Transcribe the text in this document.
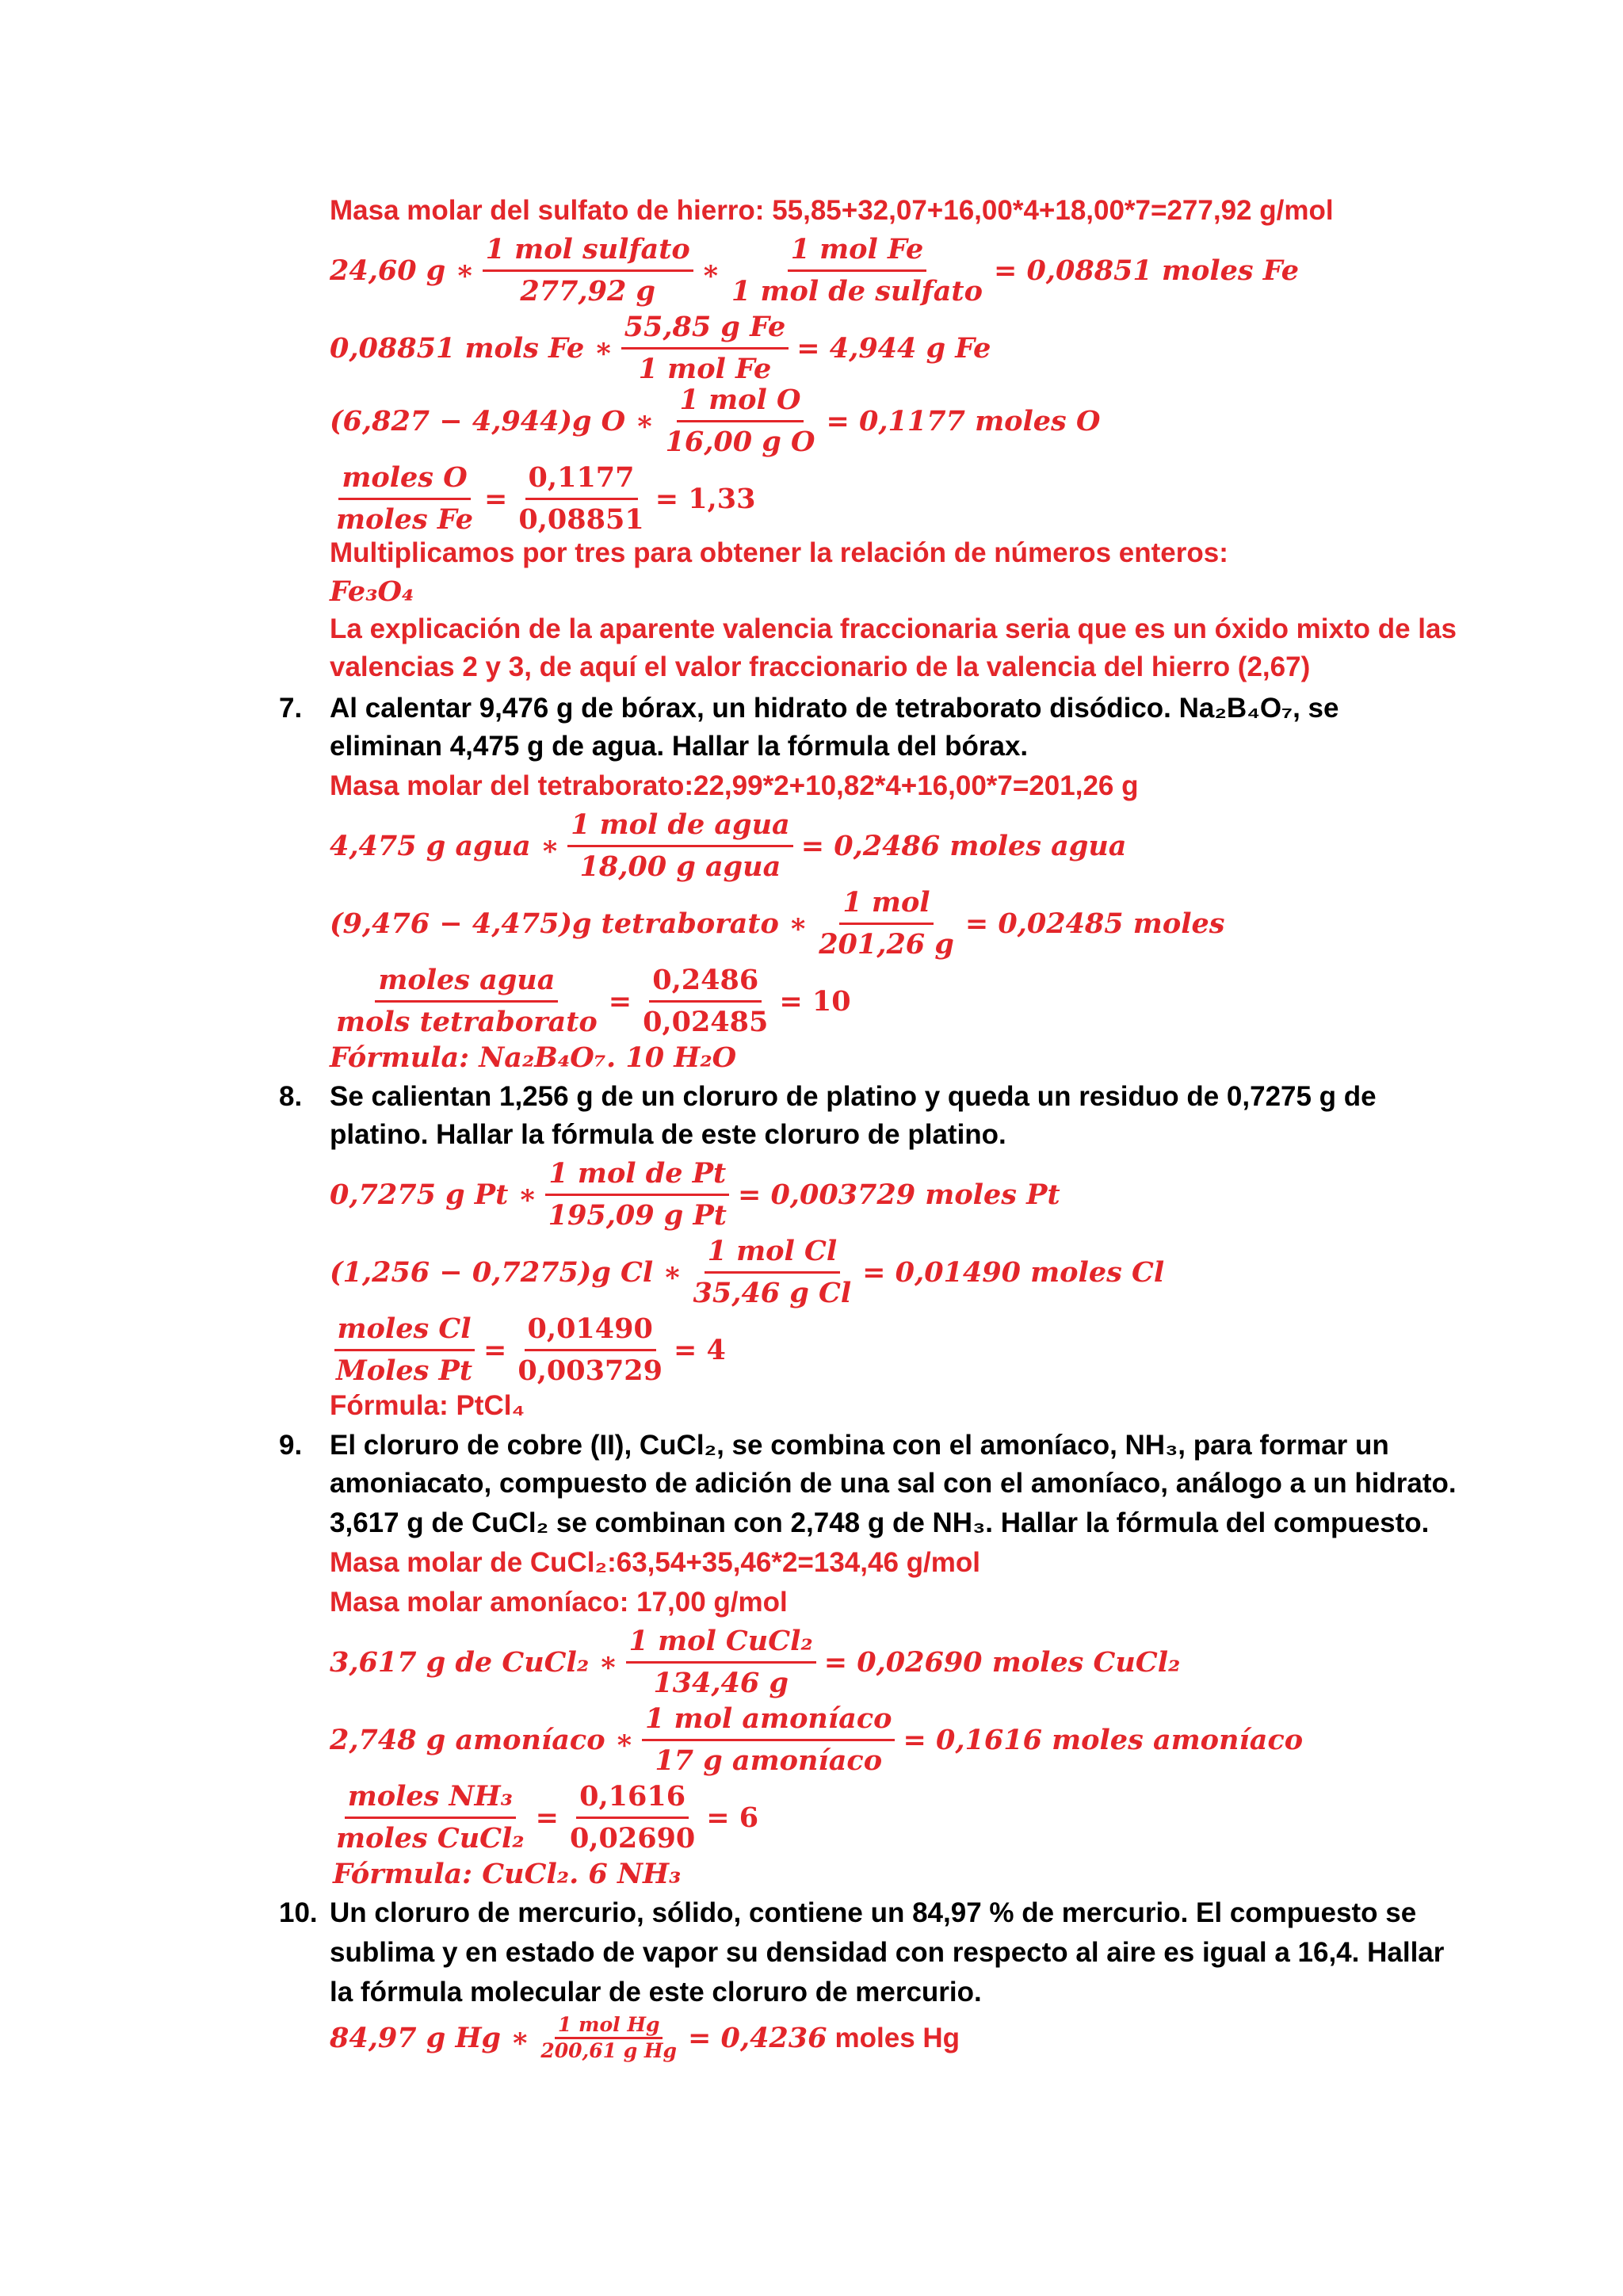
Masa molar del sulfato de hierro: 55,85+32,07+16,00*4+18,00*7=277,92 g/mol
24,60 g ∗ $\frac{\text{1 mol sulfato}}{277,92 g}$ ∗ $\frac{\text{1 mol Fe}}{\text{1 mol de sulfato}} = 0,08851$ moles Fe
0,08851 mols Fe ∗ $\frac{\text{55,85 g Fe}}{\text{1 mol Fe}} = 4,944$ g Fe
(6,827 − 4,944)g O ∗ $\frac{\text{1 mol O}}{\text{16,00 g O}} = 0,1177$ moles O
$\frac{\text{moles O}}{\text{moles Fe}} = \frac{0,1177}{0,08851} = 1,33$
Multiplicamos por tres para obtener la relación de números enteros:
Fe₃O₄
La explicación de la aparente valencia fraccionaria seria que es un óxido mixto de las
valencias 2 y 3, de aquí el valor fraccionario de la valencia del hierro (2,67)
7. Al calentar 9,476 g de bórax, un hidrato de tetraborato disódico. Na₂B₄O₇, se
eliminan 4,475 g de agua. Hallar la fórmula del bórax.
Masa molar del tetraborato:22,99*2+10,82*4+16,00*7=201,26 g
4,475 g agua ∗ $\frac{\text{1 mol de agua}}{\text{18,00 g agua}} = 0,2486$ moles agua
(9,476 − 4,475)g tetraborato ∗ $\frac{\text{1 mol}}{201,26 g} = 0,02485$ moles
$\frac{\text{moles agua}}{\text{mols tetraborato}} = \frac{0,2486}{0,02485} = 10$
Fórmula: Na₂B₄O₇. 10 H₂O
8. Se calientan 1,256 g de un cloruro de platino y queda un residuo de 0,7275 g de
platino. Hallar la fórmula de este cloruro de platino.
0,7275 g Pt ∗ $\frac{\text{1 mol de Pt}}{\text{195,09 g Pt}} = 0,003729$ moles Pt
(1,256 − 0,7275)g Cl ∗ $\frac{\text{1 mol Cl}}{\text{35,46 g Cl}} = 0,01490$ moles Cl
$\frac{\text{moles Cl}}{\text{Moles Pt}} = \frac{0,01490}{0,003729} = 4$
Fórmula: PtCl₄
9. El cloruro de cobre (II), CuCl₂, se combina con el amoníaco, NH₃, para formar un
amoniacato, compuesto de adición de una sal con el amoníaco, análogo a un hidrato.
3,617 g de CuCl₂ se combinan con 2,748 g de NH₃. Hallar la fórmula del compuesto.
Masa molar de CuCl₂:63,54+35,46*2=134,46 g/mol
Masa molar amoníaco: 17,00 g/mol
3,617 g de CuCl₂ ∗ $\frac{\text{1 mol CuCl₂}}{134,46 g} = 0,02690$ moles CuCl₂
2,748 g amoníaco ∗ $\frac{\text{1 mol amoníaco}}{\text{17 g amoníaco}} = 0,1616$ moles amoníaco
$\frac{\text{moles NH₃}}{\text{moles CuCl₂}} = \frac{0,1616}{0,02690} = 6$
Fórmula: CuCl₂. 6 NH₃
10. Un cloruro de mercurio, sólido, contiene un 84,97 % de mercurio. El compuesto se
sublima y en estado de vapor su densidad con respecto al aire es igual a 16,4. Hallar
la fórmula molecular de este cloruro de mercurio.
84,97 g Hg ∗ $\frac{\text{1 mol Hg}}{\text{200,61 g Hg}} = 0,4236$ moles Hg
